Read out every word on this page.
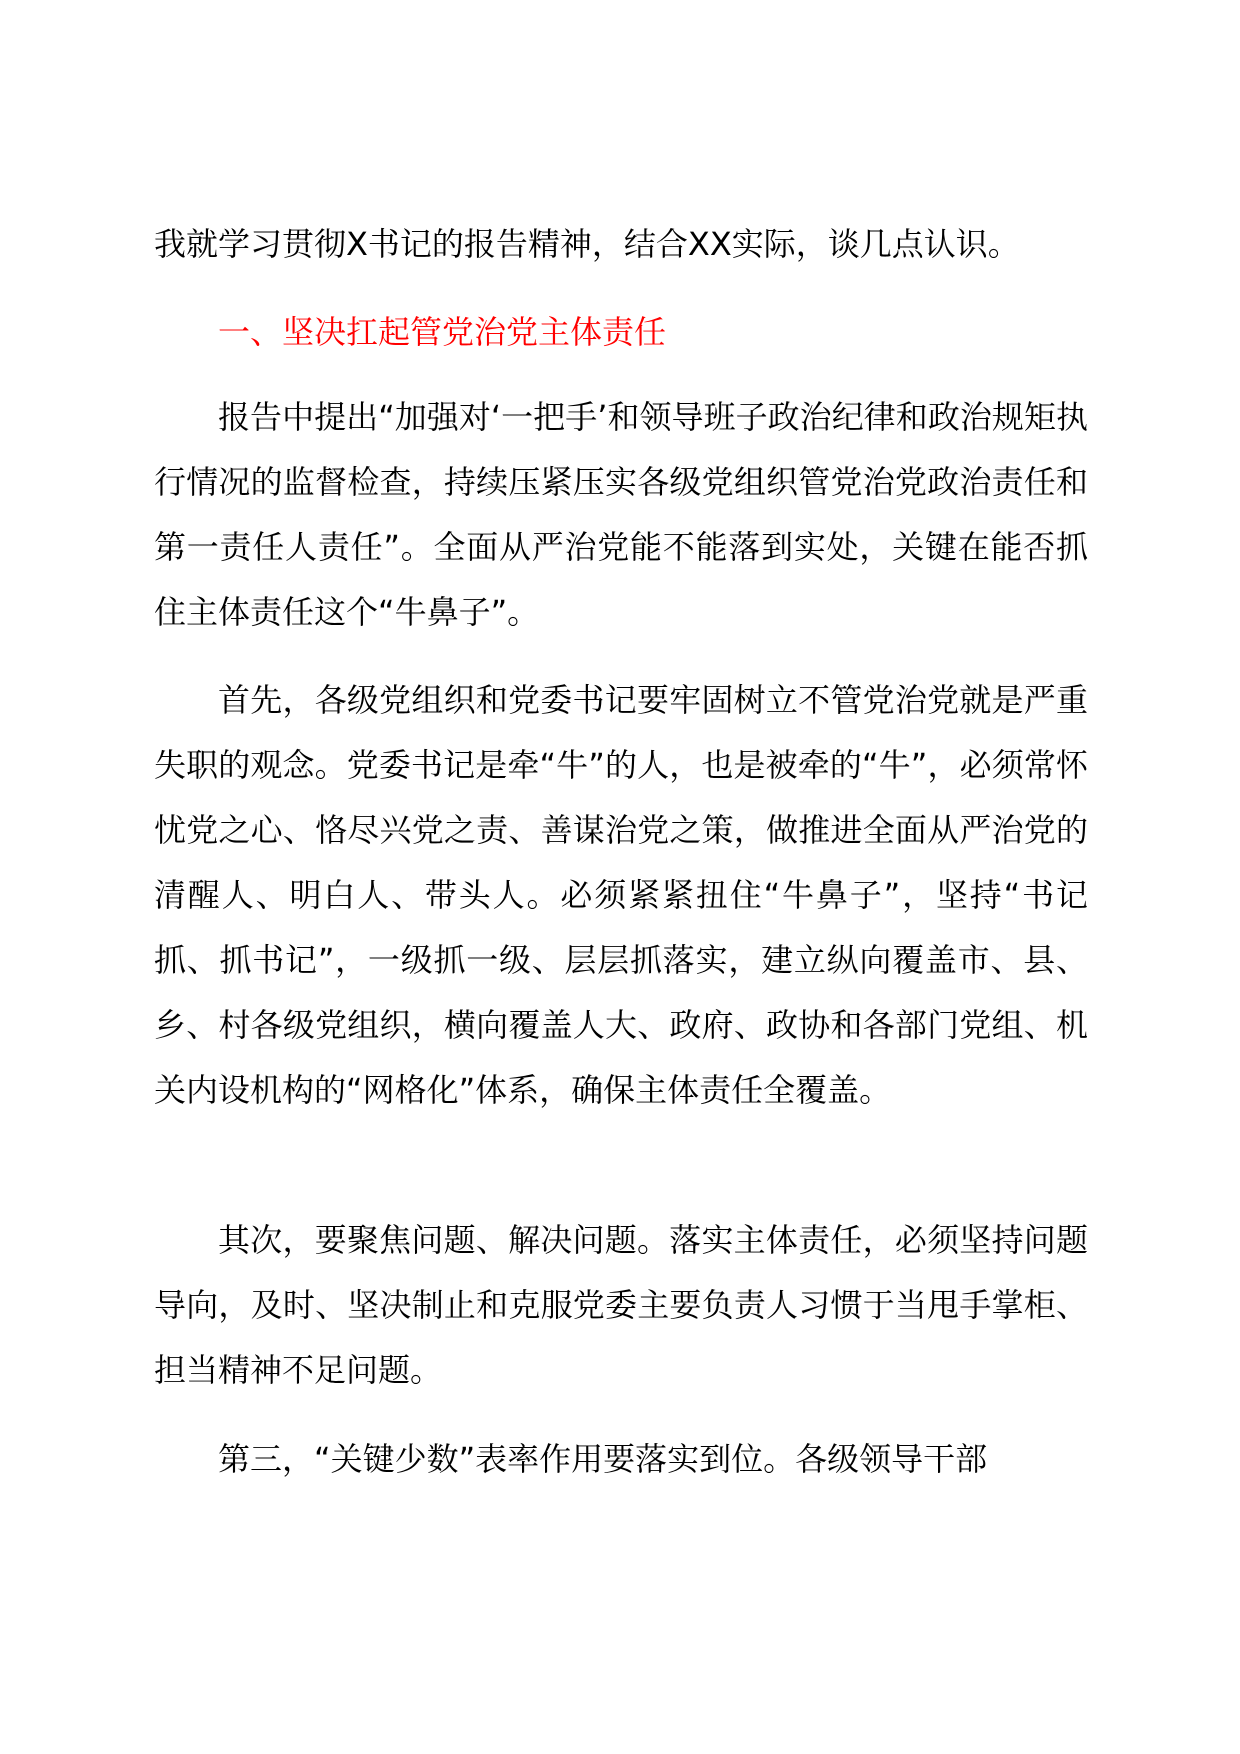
我就学习贯彻X书记的报告精神，结合XX实际，谈几点认识。

一、坚决扛起管党治党主体责任

报告中提出“加强对‘一把手’和领导班子政治纪律和政治规矩执行情况的监督检查，持续压紧压实各级党组织管党治党政治责任和第一责任人责任”。全面从严治党能不能落到实处，关键在能否抓住主体责任这个“牛鼻子”。

首先，各级党组织和党委书记要牢固树立不管党治党就是严重失职的观念。党委书记是牵“牛”的人，也是被牵的“牛”，必须常怀忧党之心、恪尽兴党之责、善谋治党之策，做推进全面从严治党的清醒人、明白人、带头人。必须紧紧扭住“牛鼻子”，坚持“书记抓、抓书记”，一级抓一级、层层抓落实，建立纵向覆盖市、县、乡、村各级党组织，横向覆盖人大、政府、政协和各部门党组、机关内设机构的“网格化”体系，确保主体责任全覆盖。

其次，要聚焦问题、解决问题。落实主体责任，必须坚持问题导向，及时、坚决制止和克服党委主要负责人习惯于当甩手掌柜、担当精神不足问题。

第三，“关键少数”表率作用要落实到位。各级领导干部
